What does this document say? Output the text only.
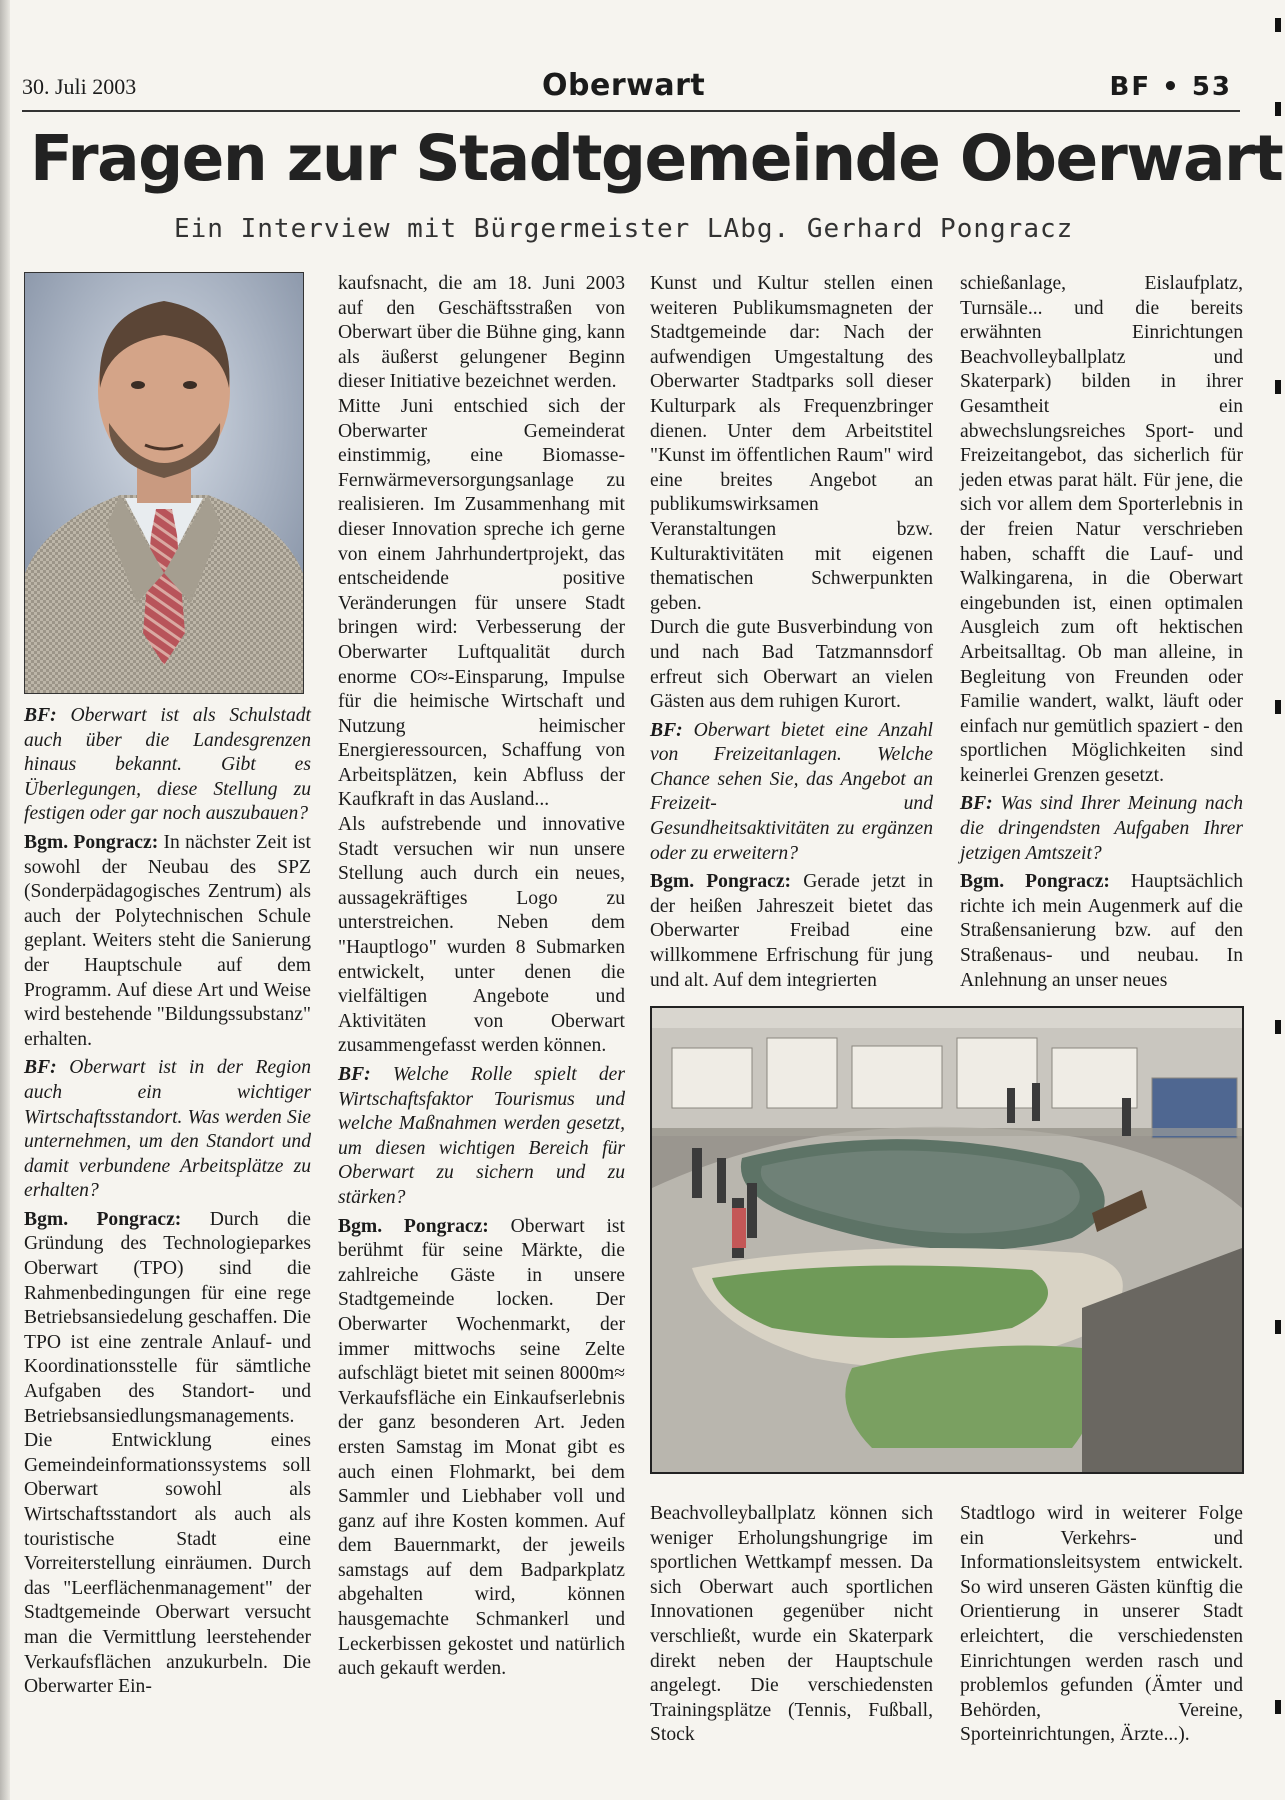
30. Juli 2003	Oberwart	BF • 53
Fragen zur Stadtgemeinde Oberwart
Ein Interview mit Bürgermeister LAbg. Gerhard Pongracz

BF: Oberwart ist als Schulstadt auch über die Landesgrenzen hinaus bekannt. Gibt es Überlegungen, diese Stellung zu festigen oder gar noch auszubauen?

Bgm. Pongracz: In nächster Zeit ist sowohl der Neubau des SPZ (Sonderpädagogisches Zentrum) als auch der Polytechnischen Schule geplant. Weiters steht die Sanierung der Hauptschule auf dem Programm. Auf diese Art und Weise wird bestehende "Bildungssubstanz" erhalten.

BF: Oberwart ist in der Region auch ein wichtiger Wirtschaftsstandort. Was werden Sie unternehmen, um den Standort und damit verbundene Arbeitsplätze zu erhalten?

Bgm. Pongracz: Durch die Gründung des Technologieparkes Oberwart (TPO) sind die Rahmenbedingungen für eine rege Betriebsansiedelung geschaffen. Die TPO ist eine zentrale Anlauf- und Koordinationsstelle für sämtliche Aufgaben des Standort- und Betriebsansiedlungsmanagements. Die Entwicklung eines Gemeindeinformationssystems soll Oberwart sowohl als Wirtschaftsstandort als auch als touristische Stadt eine Vorreiterstellung einräumen. Durch das "Leerflächenmanagement" der Stadtgemeinde Oberwart versucht man die Vermittlung leerstehender Verkaufsflächen anzukurbeln. Die Oberwarter Ein-

kaufsnacht, die am 18. Juni 2003 auf den Geschäftsstraßen von Oberwart über die Bühne ging, kann als äußerst gelungener Beginn dieser Initiative bezeichnet werden.

Mitte Juni entschied sich der Oberwarter Gemeinderat einstimmig, eine Biomasse-Fernwärmeversorgungsanlage zu realisieren. Im Zusammenhang mit dieser Innovation spreche ich gerne von einem Jahrhundertprojekt, das entscheidende positive Veränderungen für unsere Stadt bringen wird: Verbesserung der Oberwarter Luftqualität durch enorme CO≈-Einsparung, Impulse für die heimische Wirtschaft und Nutzung heimischer Energieressourcen, Schaffung von Arbeitsplätzen, kein Abfluss der Kaufkraft in das Ausland...

Als aufstrebende und innovative Stadt versuchen wir nun unsere Stellung auch durch ein neues, aussagekräftiges Logo zu unterstreichen. Neben dem "Hauptlogo" wurden 8 Submarken entwickelt, unter denen die vielfältigen Angebote und Aktivitäten von Oberwart zusammengefasst werden können.

BF: Welche Rolle spielt der Wirtschaftsfaktor Tourismus und welche Maßnahmen werden gesetzt, um diesen wichtigen Bereich für Oberwart zu sichern und zu stärken?

Bgm. Pongracz: Oberwart ist berühmt für seine Märkte, die zahlreiche Gäste in unsere Stadtgemeinde locken. Der Oberwarter Wochenmarkt, der immer mittwochs seine Zelte aufschlägt bietet mit seinen 8000m≈ Verkaufsfläche ein Einkaufserlebnis der ganz besonderen Art. Jeden ersten Samstag im Monat gibt es auch einen Flohmarkt, bei dem Sammler und Liebhaber voll und ganz auf ihre Kosten kommen. Auf dem Bauernmarkt, der jeweils samstags auf dem Badparkplatz abgehalten wird, können hausgemachte Schmankerl und Leckerbissen gekostet und natürlich auch gekauft werden.

Kunst und Kultur stellen einen weiteren Publikumsmagneten der Stadtgemeinde dar: Nach der aufwendigen Umgestaltung des Oberwarter Stadtparks soll dieser Kulturpark als Frequenzbringer dienen. Unter dem Arbeitstitel "Kunst im öffentlichen Raum" wird eine breites Angebot an publikumswirksamen Veranstaltungen bzw. Kulturaktivitäten mit eigenen thematischen Schwerpunkten geben.

Durch die gute Busverbindung von und nach Bad Tatzmannsdorf erfreut sich Oberwart an vielen Gästen aus dem ruhigen Kurort.

BF: Oberwart bietet eine Anzahl von Freizeitanlagen. Welche Chance sehen Sie, das Angebot an Freizeit- und Gesundheitsaktivitäten zu ergänzen oder zu erweitern?

Bgm. Pongracz: Gerade jetzt in der heißen Jahreszeit bietet das Oberwarter Freibad eine willkommene Erfrischung für jung und alt. Auf dem integrierten

Beachvolleyballplatz können sich weniger Erholungshungrige im sportlichen Wettkampf messen. Da sich Oberwart auch sportlichen Innovationen gegenüber nicht verschließt, wurde ein Skaterpark direkt neben der Hauptschule angelegt. Die verschiedensten Trainingsplätze (Tennis, Fußball, Stock

schießanlage, Eislaufplatz, Turnsäle... und die bereits erwähnten Einrichtungen Beachvolleyballplatz und Skaterpark) bilden in ihrer Gesamtheit ein abwechslungsreiches Sport- und Freizeitangebot, das sicherlich für jeden etwas parat hält. Für jene, die sich vor allem dem Sporterlebnis in der freien Natur verschrieben haben, schafft die Lauf- und Walkingarena, in die Oberwart eingebunden ist, einen optimalen Ausgleich zum oft hektischen Arbeitsalltag. Ob man alleine, in Begleitung von Freunden oder Familie wandert, walkt, läuft oder einfach nur gemütlich spaziert - den sportlichen Möglichkeiten sind keinerlei Grenzen gesetzt.

BF: Was sind Ihrer Meinung nach die dringendsten Aufgaben Ihrer jetzigen Amtszeit?

Bgm. Pongracz: Hauptsächlich richte ich mein Augenmerk auf die Straßensanierung bzw. auf den Straßenaus- und neubau. In Anlehnung an unser neues

Stadtlogo wird in weiterer Folge ein Verkehrs- und Informationsleitsystem entwickelt. So wird unseren Gästen künftig die Orientierung in unserer Stadt erleichtert, die verschiedensten Einrichtungen werden rasch und problemlos gefunden (Ämter und Behörden, Vereine, Sporteinrichtungen, Ärzte...).
